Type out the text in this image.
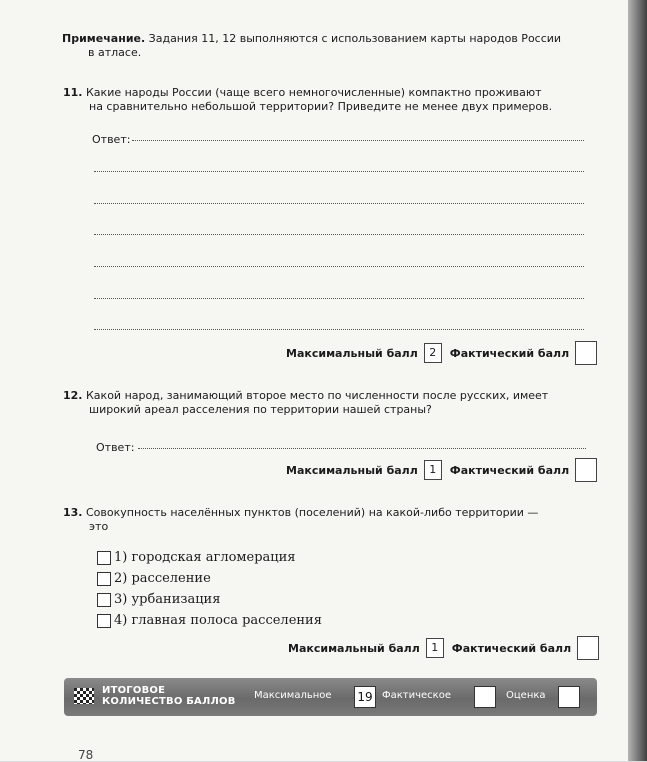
Примечание. Задания 11, 12 выполняются с использованием карты народов России
в атласе.
11. Какие народы России (чаще всего немногочисленные) компактно проживают
на сравнительно небольшой территории? Приведите не менее двух примеров.
Ответ:
Максимальный балл	2	Фактический балл
12. Какой народ, занимающий второе место по численности после русских, имеет
широкий ареал расселения по территории нашей страны?
Ответ:
Максимальный балл	1	Фактический балл
13. Совокупность населённых пунктов (поселений) на какой-либо территории —
это
1) городская агломерация
2) расселение
3) урбанизация
4) главная полоса расселения
Максимальный балл	1	Фактический балл
ИТОГОВОЕ
КОЛИЧЕСТВО БАЛЛОВ
Максимальное 19 Фактическое	Оценка
78
